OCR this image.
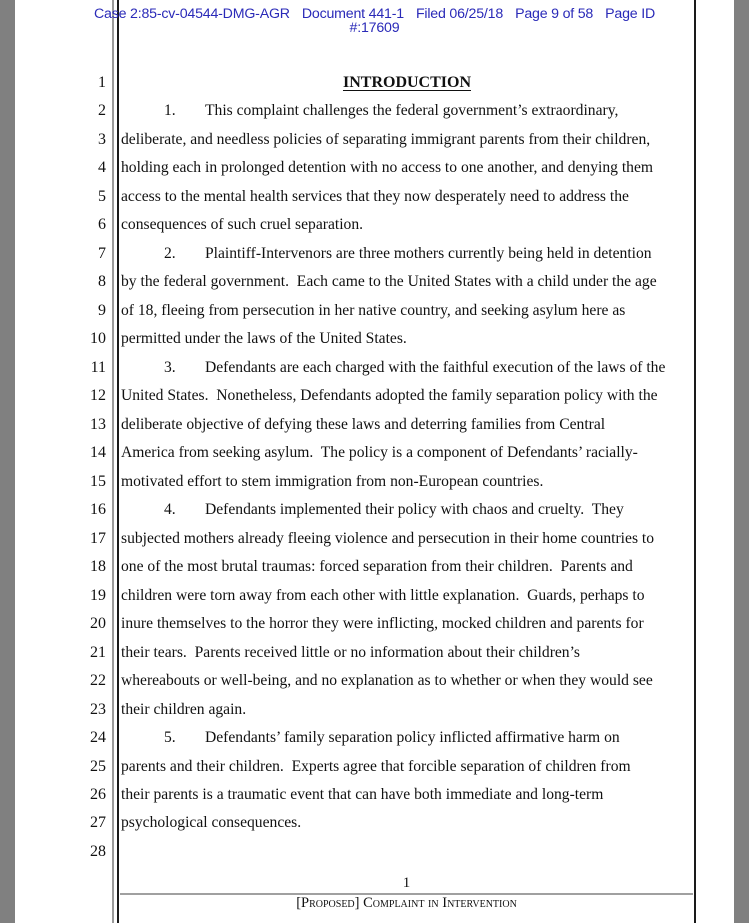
Case 2:85-cv-04544-DMG-AGR Document 441-1 Filed 06/25/18 Page 9 of 58 Page ID
#:17609
1
2
3
4
5
6
7
8
9
10
11
12
13
14
15
16
17
18
19
20
21
22
23
24
25
26
27
28
INTRODUCTION
1. This complaint challenges the federal government’s extraordinary,
deliberate, and needless policies of separating immigrant parents from their children,
holding each in prolonged detention with no access to one another, and denying them
access to the mental health services that they now desperately need to address the
consequences of such cruel separation.
2. Plaintiff-Intervenors are three mothers currently being held in detention
by the federal government.  Each came to the United States with a child under the age
of 18, fleeing from persecution in her native country, and seeking asylum here as
permitted under the laws of the United States.
3. Defendants are each charged with the faithful execution of the laws of the
United States.  Nonetheless, Defendants adopted the family separation policy with the
deliberate objective of defying these laws and deterring families from Central
America from seeking asylum.  The policy is a component of Defendants’ racially-
motivated effort to stem immigration from non-European countries.
4. Defendants implemented their policy with chaos and cruelty.  They
subjected mothers already fleeing violence and persecution in their home countries to
one of the most brutal traumas: forced separation from their children.  Parents and
children were torn away from each other with little explanation.  Guards, perhaps to
inure themselves to the horror they were inflicting, mocked children and parents for
their tears.  Parents received little or no information about their children’s
whereabouts or well-being, and no explanation as to whether or when they would see
their children again.
5. Defendants’ family separation policy inflicted affirmative harm on
parents and their children.  Experts agree that forcible separation of children from
their parents is a traumatic event that can have both immediate and long-term
psychological consequences.
1
[Proposed] Complaint in Intervention
